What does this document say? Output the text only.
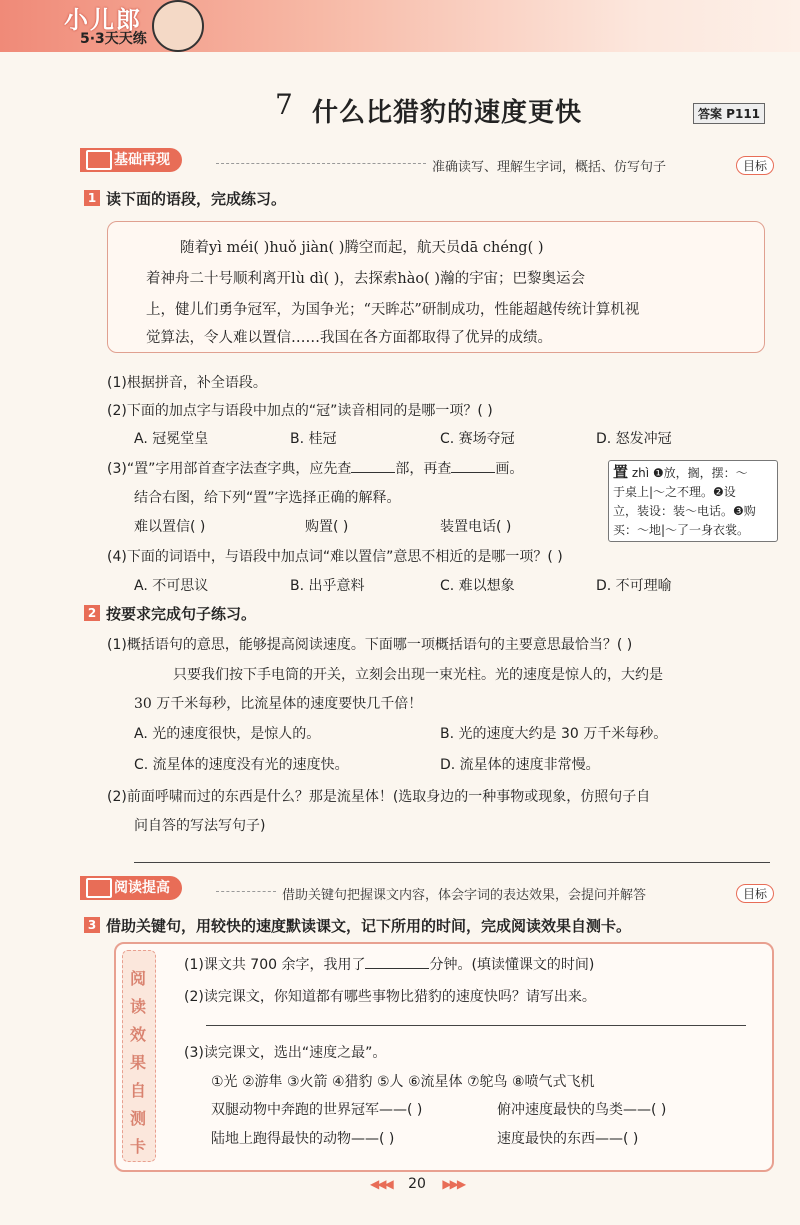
小儿郎
5·3天天练
7 什么比猎豹的速度更快	答案 P111
基础再现	准确读写、理解生字词，概括、仿写句子	目标
1 读下面的语段，完成练习。
随着yì méi( )huǒ jiàn( )腾空而起，航天员dā chéng( )
着神舟二十号顺利离开lù dì( )，去探索hào( )瀚的宇宙；巴黎奥运会
上，健儿们勇争冠军，为国争光；“天眸芯”研制成功，性能超越传统计算机视
觉算法，令人难以置信……我国在各方面都取得了优异的成绩。
(1)根据拼音，补全语段。
(2)下面的加点字与语段中加点的“冠”读音相同的是哪一项？( )
A. 冠冕堂皇	B. 桂冠	C. 赛场夺冠	D. 怒发冲冠
(3)“置”字用部首查字法查字典，应先查	部，再查	画。
结合右图，给下列“置”字选择正确的解释。
难以置信( )	购置( )	装置电话( )
置 zhì ❶放，搁，摆：～
于桌上|～之不理。❷设
立，装设：装～电话。❸购
买：～地|～了一身衣裳。
(4)下面的词语中，与语段中加点词“难以置信”意思不相近的是哪一项？( )
A. 不可思议	B. 出乎意料	C. 难以想象	D. 不可理喻
2 按要求完成句子练习。
(1)概括语句的意思，能够提高阅读速度。下面哪一项概括语句的主要意思最恰当？( )
只要我们按下手电筒的开关，立刻会出现一束光柱。光的速度是惊人的，大约是
30 万千米每秒，比流星体的速度要快几千倍！
A. 光的速度很快，是惊人的。	B. 光的速度大约是 30 万千米每秒。
C. 流星体的速度没有光的速度快。	D. 流星体的速度非常慢。
(2)前面呼啸而过的东西是什么？那是流星体！(选取身边的一种事物或现象，仿照句子自
问自答的写法写句子)
阅读提高	借助关键句把握课文内容，体会字词的表达效果，会提问并解答	目标
3 借助关键句，用较快的速度默读课文，记下所用的时间，完成阅读效果自测卡。
阅
读
效
果
自
测
卡
(1)课文共 700 余字，我用了	分钟。(填读懂课文的时间)
(2)读完课文，你知道都有哪些事物比猎豹的速度快吗？请写出来。
(3)读完课文，选出“速度之最”。
①光 ②游隼 ③火箭 ④猎豹 ⑤人 ⑥流星体 ⑦鸵鸟 ⑧喷气式飞机
双腿动物中奔跑的世界冠军——( )	俯冲速度最快的鸟类——( )
陆地上跑得最快的动物——( )	速度最快的东西——( )
◀◀◀ 20 ▶▶▶
